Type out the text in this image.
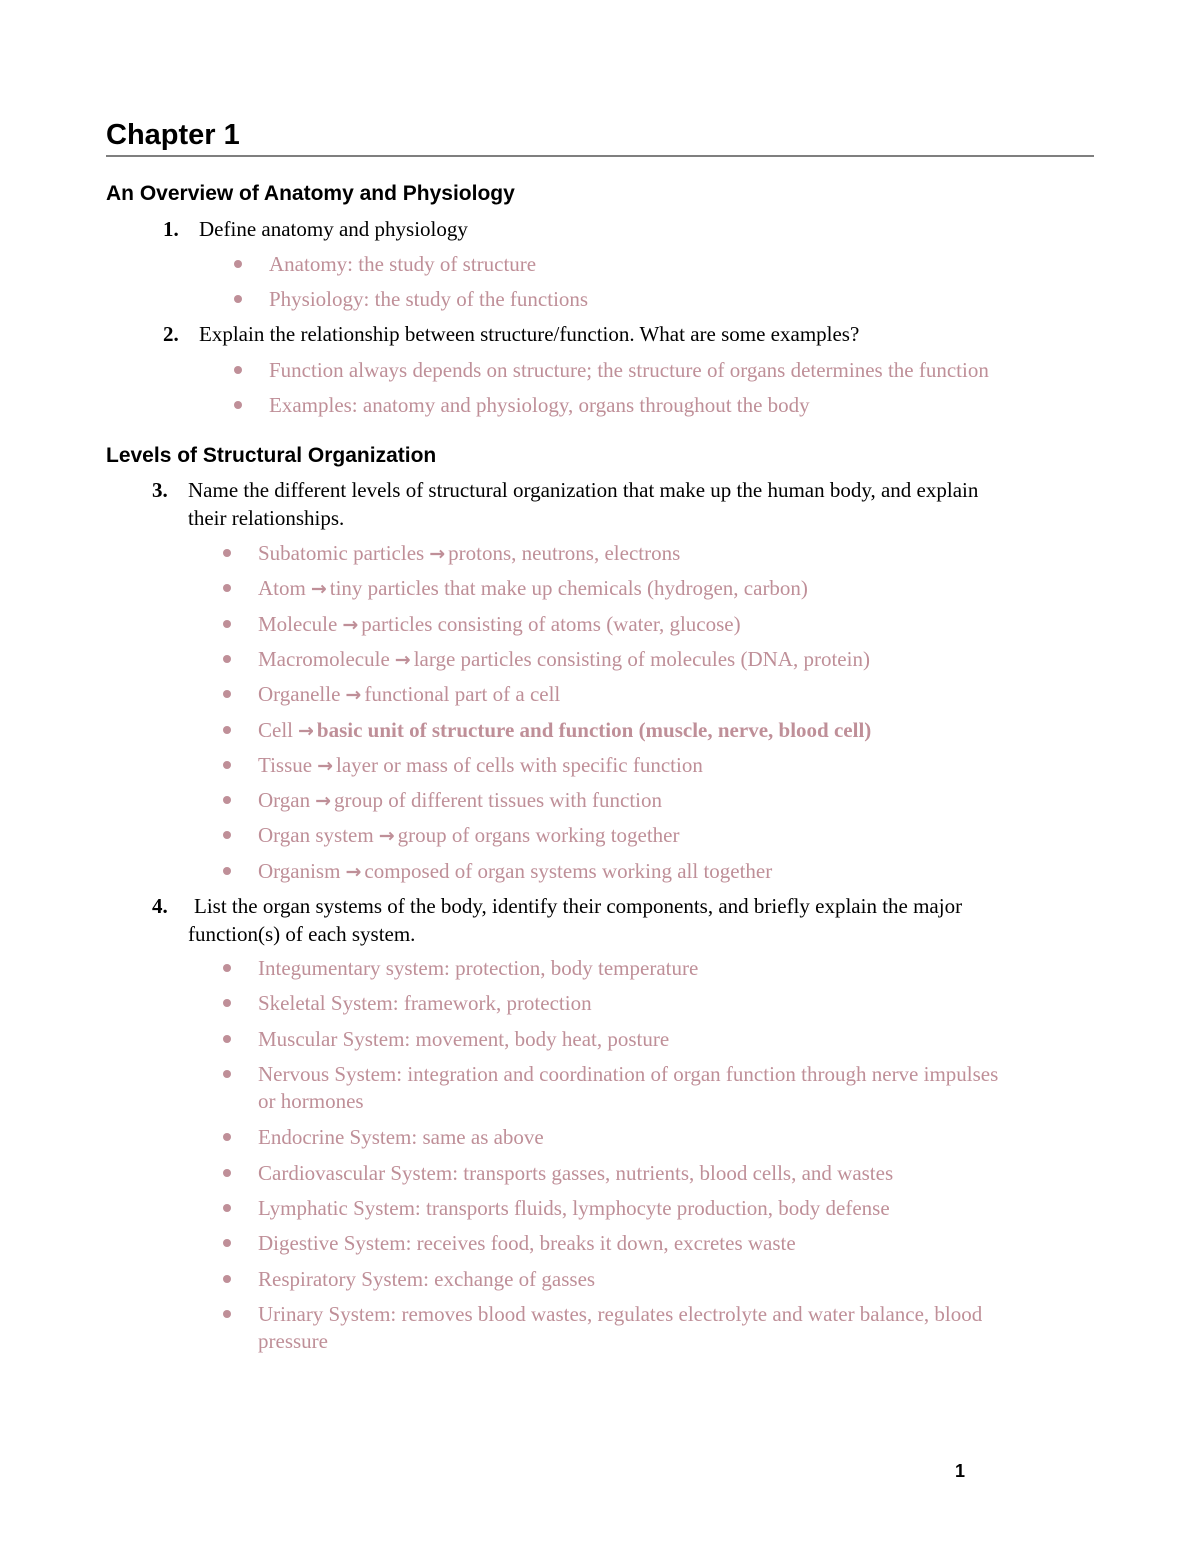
Chapter 1
An Overview of Anatomy and Physiology
1. Define anatomy and physiology
Anatomy: the study of structure
Physiology: the study of the functions
2. Explain the relationship between structure/function. What are some examples?
Function always depends on structure; the structure of organs determines the function
Examples: anatomy and physiology, organs throughout the body
Levels of Structural Organization
3. Name the different levels of structural organization that make up the human body, and explain
their relationships.
Subatomic particles → protons, neutrons, electrons
Atom → tiny particles that make up chemicals (hydrogen, carbon)
Molecule → particles consisting of atoms (water, glucose)
Macromolecule → large particles consisting of molecules (DNA, protein)
Organelle → functional part of a cell
Cell → basic unit of structure and function (muscle, nerve, blood cell)
Tissue → layer or mass of cells with specific function
Organ → group of different tissues with function
Organ system → group of organs working together
Organism → composed of organ systems working all together
4. List the organ systems of the body, identify their components, and briefly explain the major
function(s) of each system.
Integumentary system: protection, body temperature
Skeletal System: framework, protection
Muscular System: movement, body heat, posture
Nervous System: integration and coordination of organ function through nerve impulses
or hormones
Endocrine System: same as above
Cardiovascular System: transports gasses, nutrients, blood cells, and wastes
Lymphatic System: transports fluids, lymphocyte production, body defense
Digestive System: receives food, breaks it down, excretes waste
Respiratory System: exchange of gasses
Urinary System: removes blood wastes, regulates electrolyte and water balance, blood
pressure
1
